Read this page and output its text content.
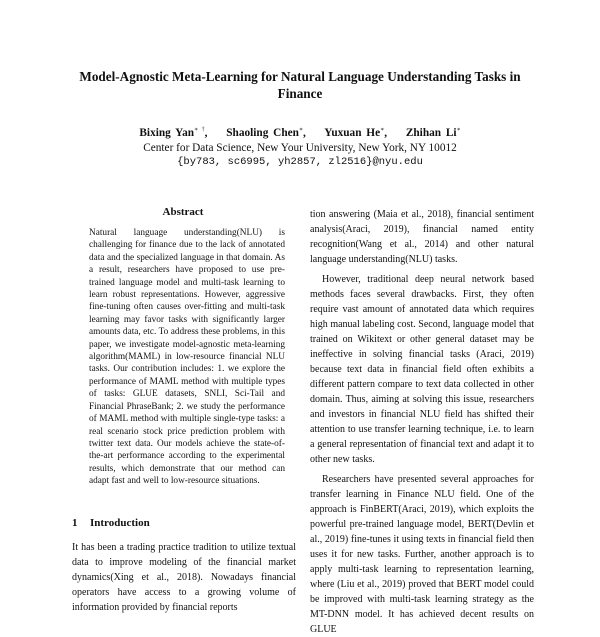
Model-Agnostic Meta-Learning for Natural Language Understanding Tasks in Finance
Bixing Yan∗ †, Shaoling Chen∗, Yuxuan He∗, Zhihan Li∗
Center for Data Science, New Your University, New York, NY 10012
{by783, sc6995, yh2857, zl2516}@nyu.edu
Abstract

Natural language understanding(NLU) is challenging for finance due to the lack of annotated data and the specialized language in that domain. As a result, researchers have proposed to use pre-trained language model and multi-task learning to learn robust representations. However, aggressive fine-tuning often causes over-fitting and multi-task learning may favor tasks with significantly larger amounts data, etc. To address these problems, in this paper, we investigate model-agnostic meta-learning algorithm(MAML) in low-resource financial NLU tasks. Our contribution includes: 1. we explore the performance of MAML method with multiple types of tasks: GLUE datasets, SNLI, Sci-Tail and Financial PhraseBank; 2. we study the performance of MAML method with multiple single-type tasks: a real scenario stock price prediction problem with twitter text data. Our models achieve the state-of-the-art performance according to the experimental results, which demonstrate that our method can adapt fast and well to low-resource situations.

1 Introduction

It has been a trading practice tradition to utilize textual data to improve modeling of the financial market dynamics(Xing et al., 2018). Nowadays financial operators have access to a growing volume of information provided by financial reports

tion answering (Maia et al., 2018), financial sentiment analysis(Araci, 2019), financial named entity recognition(Wang et al., 2014) and other natural language understanding(NLU) tasks.

However, traditional deep neural network based methods faces several drawbacks. First, they often require vast amount of annotated data which requires high manual labeling cost. Second, language model that trained on Wikitext or other general dataset may be ineffective in solving financial tasks (Araci, 2019) because text data in financial field often exhibits a different pattern compare to text data collected in other domain. Thus, aiming at solving this issue, researchers and investors in financial NLU field has shifted their attention to use transfer learning technique, i.e. to learn a general representation of financial text and adapt it to other new tasks.

Researchers have presented several approaches for transfer learning in Finance NLU field. One of the approach is FinBERT(Araci, 2019), which exploits the powerful pre-trained language model, BERT(Devlin et al., 2019) fine-tunes it using texts in financial field then uses it for new tasks. Further, another approach is to apply multi-task learning to representation learning, where (Liu et al., 2019) proved that BERT model could be improved with multi-task learning strategy as the MT-DNN model. It has achieved decent results on GLUE
